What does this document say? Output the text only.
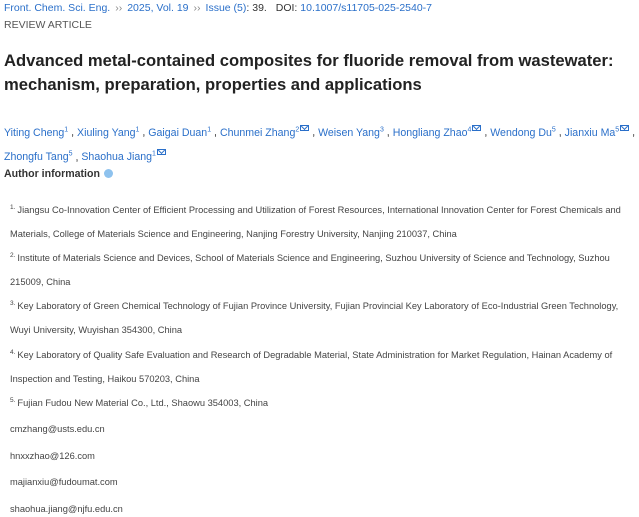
Front. Chem. Sci. Eng. ›› 2025, Vol. 19 ›› Issue (5): 39. DOI: 10.1007/s11705-025-2540-7
REVIEW ARTICLE
Advanced metal-contained composites for fluoride removal from wastewater: mechanism, preparation, properties and applications
Yiting Cheng$^1$ , Xiuling Yang$^1$ , Gaigai Duan$^1$ , Chunmei Zhang$^2$ , Weisen Yang$^3$ , Hongliang Zhao$^4$ , Wendong Du$^5$ , Jianxiu Ma$^5$ , Zhongfu Tang$^5$ , Shaohua Jiang$^1$
Author information
$^{1.}$ Jiangsu Co-Innovation Center of Efficient Processing and Utilization of Forest Resources, International Innovation Center for Forest Chemicals and Materials, College of Materials Science and Engineering, Nanjing Forestry University, Nanjing 210037, China
$^{2.}$ Institute of Materials Science and Devices, School of Materials Science and Engineering, Suzhou University of Science and Technology, Suzhou 215009, China
$^{3.}$ Key Laboratory of Green Chemical Technology of Fujian Province University, Fujian Provincial Key Laboratory of Eco-Industrial Green Technology, Wuyi University, Wuyishan 354300, China
$^{4.}$ Key Laboratory of Quality Safe Evaluation and Research of Degradable Material, State Administration for Market Regulation, Hainan Academy of Inspection and Testing, Haikou 570203, China
$^{5.}$ Fujian Fudou New Material Co., Ltd., Shaowu 354003, China
cmzhang@usts.edu.cn
hnxxzhao@126.com
majianxiu@fudoumat.com
shaohua.jiang@njfu.edu.cn
